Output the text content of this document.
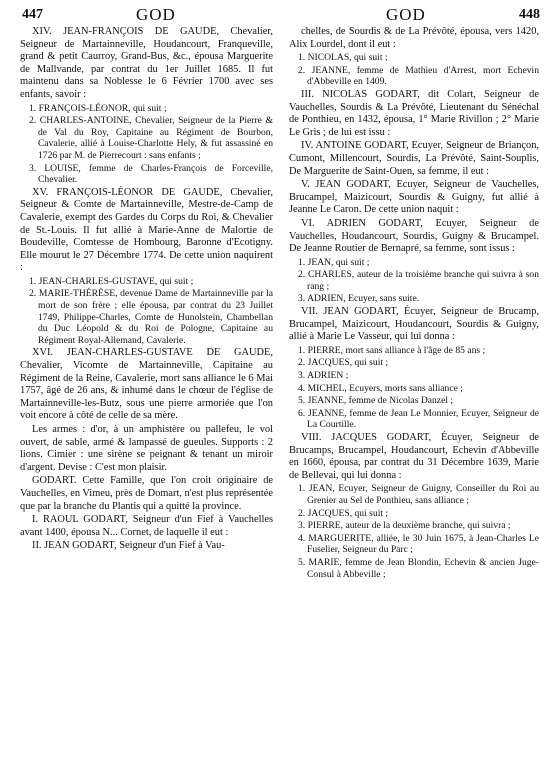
447	GOD	GOD	448

XIV. JEAN-FRANÇOIS DE GAUDE, Chevalier, Seigneur de Martainneville, Houdancourt, Franqueville, grand & petit Caurroy, Grand-Bus, &c., épousa Marguerite de Mallvande, par contrat du 1er Juillet 1685. Il fut maintenu dans sa Noblesse le 6 Février 1700 avec ses enfants, savoir :

1. FRANÇOIS-LÉONOR, qui suit ;

2. CHARLES-ANTOINE, Chevalier, Seigneur de la Pierre & de Val du Roy, Capitaine au Régiment de Bourbon, Cavalerie, allié à Louise-Charlotte Hely, & fut assassiné en 1726 par M. de Pierrecourt : sans enfants ;

3. LOUISE, femme de Charles-François de Forceville, Chevalier.

XV. FRANÇOIS-LÉONOR DE GAUDE, Chevalier, Seigneur & Comte de Martainneville, Mestre-de-Camp de Cavalerie, exempt des Gardes du Corps du Roi, & Chevalier de St.-Louis. Il fut allié à Marie-Anne de Malortie de Boudeville, Comtesse de Hombourg, Baronne d'Ecotigny. Elle mourut le 27 Décembre 1774. De cette union naquirent :

1. JEAN-CHARLES-GUSTAVE, qui suit ;

2. MARIE-THÉRÈSE, devenue Dame de Martainneville par la mort de son frère ; elle épousa, par contrat du 23 Juillet 1749, Philippe-Charles, Comte de Hunolstein, Chambellan du Duc Léopold & du Roi de Pologne, Capitaine au Régiment Royal-Allemand, Cavalerie.

XVI. JEAN-CHARLES-GUSTAVE DE GAUDE, Chevalier, Vicomte de Martainneville, Capitaine au Régiment de la Reine, Cavalerie, mort sans alliance le 6 Mai 1757, âgé de 26 ans, & inhumé dans le chœur de l'église de Martainneville-les-Butz, sous une pierre armoriée que l'on voit encore à côté de celle de sa mère.

Les armes : d'or, à un amphistère ou pallefeu, le vol ouvert, de sable, armé & lampassé de gueules. Supports : 2 lions. Cimier : une sirène se peignant & tenant un miroir d'argent. Devise : C'est mon plaisir.

GODART. Cette Famille, que l'on croit originaire de Vauchelles, en Vimeu, près de Domart, n'est plus représentée que par la branche du Plantis qui a quitté la province.

I. RAOUL GODART, Seigneur d'un Fief à Vauchelles avant 1400, épousa N... Cornet, de laquelle il eut :

II. JEAN GODART, Seigneur d'un Fief à Vau-

chelles, de Sourdis & de La Prévôté, épousa, vers 1420, Alix Lourdel, dont il eut :

1. NICOLAS, qui suit ;

2. JEANNE, femme de Mathieu d'Arrest, mort Echevin d'Abbeville en 1409.

III. NICOLAS GODART, dit Colart, Seigneur de Vauchelles, Sourdis & La Prévôté, Lieutenant du Sénéchal de Ponthieu, en 1432, épousa, 1° Marie Rivillon ; 2° Marie Le Gris ; de lui est issu :

IV. ANTOINE GODART, Ecuyer, Seigneur de Briançon, Cumont, Millencourt, Sourdis, La Prévôté, Saint-Souplis, De Marguerite de Saint-Ouen, sa femme, il eut :

V. JEAN GODART, Ecuyer, Seigneur de Vauchelles, Brucampel, Maizicourt, Sourdis & Guigny, fut allié à Jeanne Le Caron. De cette union naquit :

VI. ADRIEN GODART, Ecuyer, Seigneur de Vauchelles, Houdancourt, Sourdis, Guigny & Brucampel. De Jeanne Routier de Bernapré, sa femme, sont issus :

1. JEAN, qui suit ;

2. CHARLES, auteur de la troisième branche qui suivra à son rang ;

3. ADRIEN, Ecuyer, sans suite.

VII. JEAN GODART, Écuyer, Seigneur de Brucamp, Brucampel, Maizicourt, Houdancourt, Sourdis & Guigny, allié à Marie Le Vasseur, qui lui donna :

1. PIERRE, mort sans alliance à l'âge de 85 ans ;

2. JACQUES, qui suit ;

3. ADRIEN ;

4. MICHEL, Ecuyers, morts sans alliance ;

5. JEANNE, femme de Nicolas Danzel ;

6. JEANNE, femme de Jean Le Monnier, Ecuyer, Seigneur de La Courtille.

VIII. JACQUES GODART, Écuyer, Seigneur de Brucamps, Brucampel, Houdancourt, Echevin d'Abbeville en 1660, épousa, par contrat du 31 Décembre 1639, Marie de Bellevai, qui lui donna :

1. JEAN, Ecuyer, Seigneur de Guigny, Conseiller du Roi au Grenier au Sel de Ponthieu, sans alliance ;

2. JACQUES, qui suit ;

3. PIERRE, auteur de la deuxième branche, qui suivra ;

4. MARGUERITE, alliée, le 30 Juin 1675, à Jean-Charles Le Fuselier, Seigneur du Parc ;

5. MARIE, femme de Jean Blondin, Echevin & ancien Juge-Consul à Abbeville ;
